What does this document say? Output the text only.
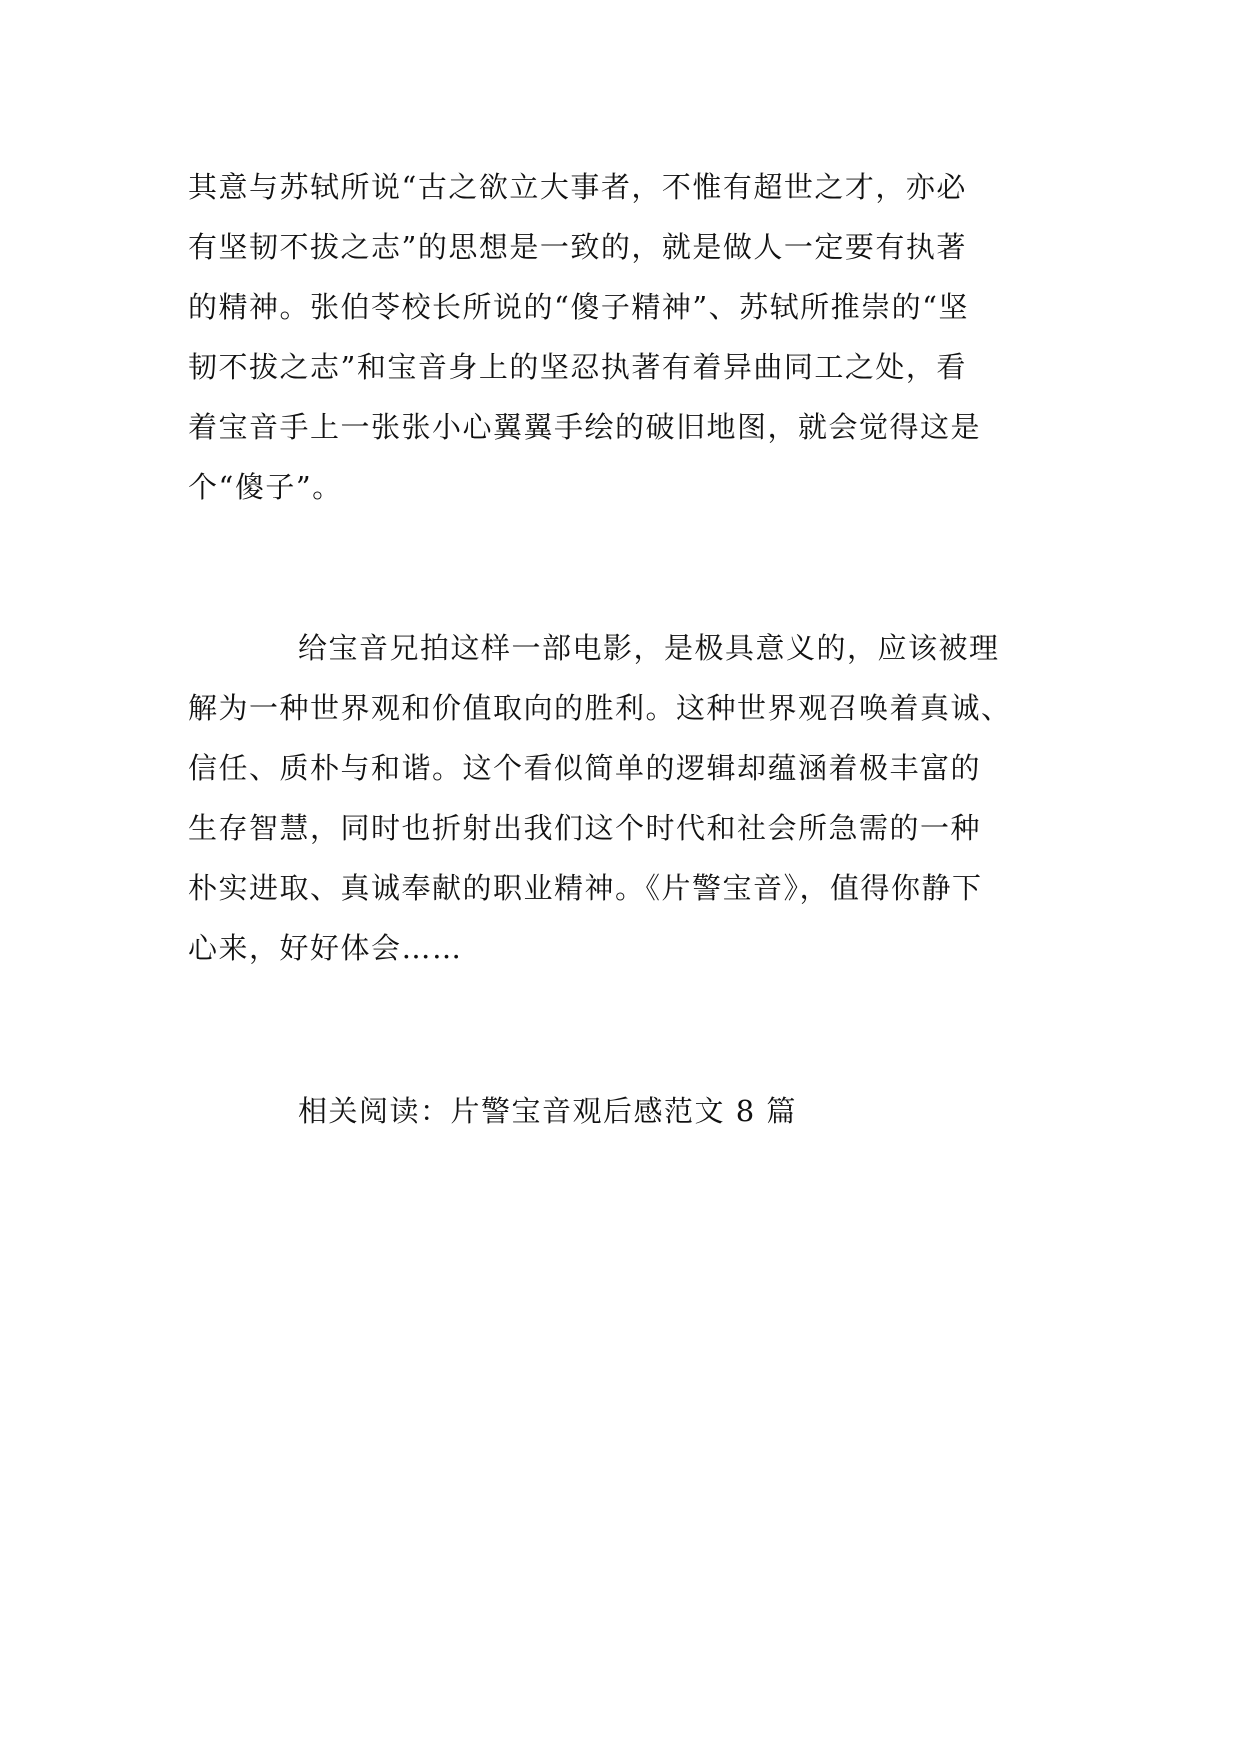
其意与苏轼所说“古之欲立大事者，不惟有超世之才，亦必
有坚韧不拔之志”的思想是一致的，就是做人一定要有执著
的精神。张伯苓校长所说的“傻子精神”、苏轼所推崇的“坚
韧不拔之志”和宝音身上的坚忍执著有着异曲同工之处，看
着宝音手上一张张小心翼翼手绘的破旧地图，就会觉得这是
个“傻子”。

给宝音兄拍这样一部电影，是极具意义的，应该被理
解为一种世界观和价值取向的胜利。这种世界观召唤着真诚、
信任、质朴与和谐。这个看似简单的逻辑却蕴涵着极丰富的
生存智慧，同时也折射出我们这个时代和社会所急需的一种
朴实进取、真诚奉献的职业精神。《片警宝音》，值得你静下
心来，好好体会……

相关阅读：片警宝音观后感范文 8 篇
